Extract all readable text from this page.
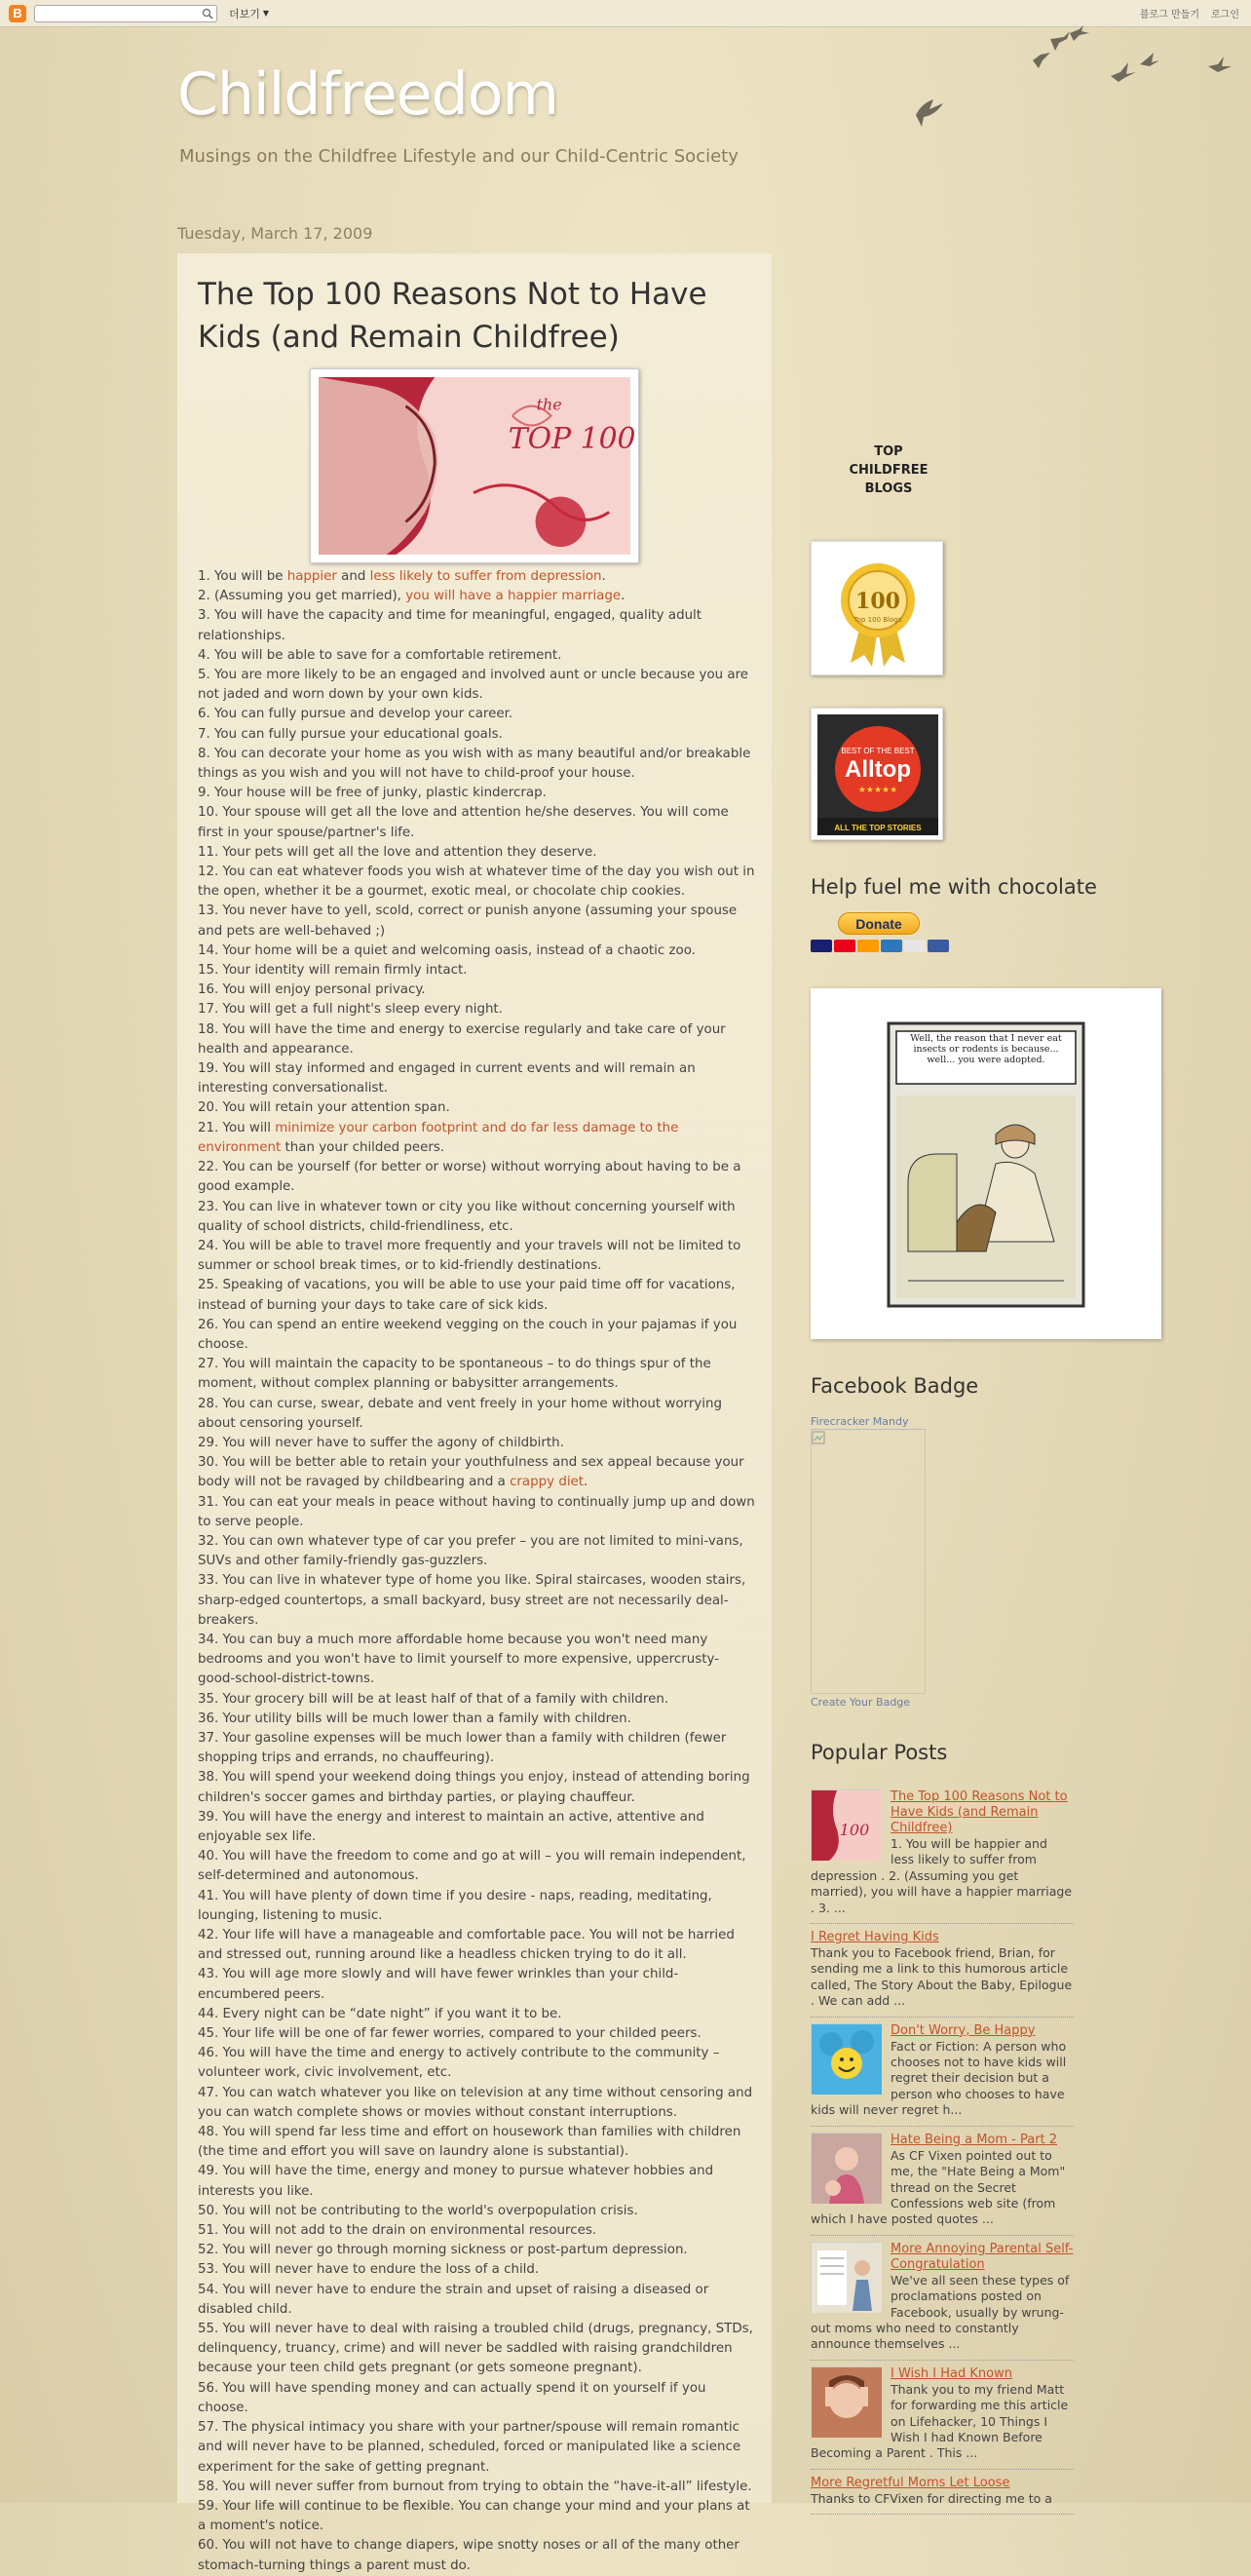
B	더보기 ▼	블로그 만들기 로그인
Childfreedom
Musings on the Childfree Lifestyle and our Child-Centric Society
Tuesday, March 17, 2009
The Top 100 Reasons Not to Have Kids (and Remain Childfree)
the
TOP 100
1. You will be happier and less likely to suffer from depression.
2. (Assuming you get married), you will have a happier marriage.
3. You will have the capacity and time for meaningful, engaged, quality adult relationships.
4. You will be able to save for a comfortable retirement.
5. You are more likely to be an engaged and involved aunt or uncle because you are not jaded and worn down by your own kids.
6. You can fully pursue and develop your career.
7. You can fully pursue your educational goals.
8. You can decorate your home as you wish with as many beautiful and/or breakable things as you wish and you will not have to child-proof your house.
9. Your house will be free of junky, plastic kindercrap.
10. Your spouse will get all the love and attention he/she deserves. You will come first in your spouse/partner's life.
11. Your pets will get all the love and attention they deserve.
12. You can eat whatever foods you wish at whatever time of the day you wish out in the open, whether it be a gourmet, exotic meal, or chocolate chip cookies.
13. You never have to yell, scold, correct or punish anyone (assuming your spouse and pets are well-behaved ;)
14. Your home will be a quiet and welcoming oasis, instead of a chaotic zoo.
15. Your identity will remain firmly intact.
16. You will enjoy personal privacy.
17. You will get a full night's sleep every night.
18. You will have the time and energy to exercise regularly and take care of your health and appearance.
19. You will stay informed and engaged in current events and will remain an interesting conversationalist.
20. You will retain your attention span.
21. You will minimize your carbon footprint and do far less damage to the environment than your childed peers.
22. You can be yourself (for better or worse) without worrying about having to be a good example.
23. You can live in whatever town or city you like without concerning yourself with quality of school districts, child-friendliness, etc.
24. You will be able to travel more frequently and your travels will not be limited to summer or school break times, or to kid-friendly destinations.
25. Speaking of vacations, you will be able to use your paid time off for vacations, instead of burning your days to take care of sick kids.
26. You can spend an entire weekend vegging on the couch in your pajamas if you choose.
27. You will maintain the capacity to be spontaneous – to do things spur of the moment, without complex planning or babysitter arrangements.
28. You can curse, swear, debate and vent freely in your home without worrying about censoring yourself.
29. You will never have to suffer the agony of childbirth.
30. You will be better able to retain your youthfulness and sex appeal because your body will not be ravaged by childbearing and a crappy diet.
31. You can eat your meals in peace without having to continually jump up and down to serve people.
32. You can own whatever type of car you prefer – you are not limited to mini-vans, SUVs and other family-friendly gas-guzzlers.
33. You can live in whatever type of home you like. Spiral staircases, wooden stairs, sharp-edged countertops, a small backyard, busy street are not necessarily deal-breakers.
34. You can buy a much more affordable home because you won't need many bedrooms and you won't have to limit yourself to more expensive, uppercrusty-good-school-district-towns.
35. Your grocery bill will be at least half of that of a family with children.
36. Your utility bills will be much lower than a family with children.
37. Your gasoline expenses will be much lower than a family with children (fewer shopping trips and errands, no chauffeuring).
38. You will spend your weekend doing things you enjoy, instead of attending boring children's soccer games and birthday parties, or playing chauffeur.
39. You will have the energy and interest to maintain an active, attentive and enjoyable sex life.
40. You will have the freedom to come and go at will – you will remain independent, self-determined and autonomous.
41. You will have plenty of down time if you desire - naps, reading, meditating, lounging, listening to music.
42. Your life will have a manageable and comfortable pace. You will not be harried and stressed out, running around like a headless chicken trying to do it all.
43. You will age more slowly and will have fewer wrinkles than your child-encumbered peers.
44. Every night can be “date night” if you want it to be.
45. Your life will be one of far fewer worries, compared to your childed peers.
46. You will have the time and energy to actively contribute to the community – volunteer work, civic involvement, etc.
47. You can watch whatever you like on television at any time without censoring and you can watch complete shows or movies without constant interruptions.
48. You will spend far less time and effort on housework than families with children (the time and effort you will save on laundry alone is substantial).
49. You will have the time, energy and money to pursue whatever hobbies and interests you like.
50. You will not be contributing to the world's overpopulation crisis.
51. You will not add to the drain on environmental resources.
52. You will never go through morning sickness or post-partum depression.
53. You will never have to endure the loss of a child.
54. You will never have to endure the strain and upset of raising a diseased or disabled child.
55. You will never have to deal with raising a troubled child (drugs, pregnancy, STDs, delinquency, truancy, crime) and will never be saddled with raising grandchildren because your teen child gets pregnant (or gets someone pregnant).
56. You will have spending money and can actually spend it on yourself if you choose.
57. The physical intimacy you share with your partner/spouse will remain romantic and will never have to be planned, scheduled, forced or manipulated like a science experiment for the sake of getting pregnant.
58. You will never suffer from burnout from trying to obtain the “have-it-all” lifestyle.
59. Your life will continue to be flexible. You can change your mind and your plans at a moment's notice.
60. You will not have to change diapers, wipe snotty noses or all of the many other stomach-turning things a parent must do.
TOP CHILDFREE BLOGS
100
Top 100 Blogs
BEST OF THE BEST
Alltop
★★★★★
ALL THE TOP STORIES
Help fuel me with chocolate
Donate
Well, the reason that I never eat insects or rodents is because... well... you were adopted.
Facebook Badge
Firecracker Mandy
Create Your Badge
Popular Posts
100
The Top 100 Reasons Not to Have Kids (and Remain Childfree)
1. You will be happier and less likely to suffer from depression . 2. (Assuming you get married), you will have a happier marriage . 3. ...
I Regret Having Kids
Thank you to Facebook friend, Brian, for sending me a link to this humorous article called, The Story About the Baby, Epilogue . We can add ...
Don't Worry, Be Happy
Fact or Fiction: A person who chooses not to have kids will regret their decision but a person who chooses to have kids will never regret h...
Hate Being a Mom - Part 2
As CF Vixen pointed out to me, the "Hate Being a Mom" thread on the Secret Confessions web site (from which I have posted quotes ...
More Annoying Parental Self-Congratulation
We've all seen these types of proclamations posted on Facebook, usually by wrung-out moms who need to constantly announce themselves ...
I Wish I Had Known
Thank you to my friend Matt for forwarding me this article on Lifehacker, 10 Things I Wish I had Known Before Becoming a Parent . This ...
More Regretful Moms Let Loose
Thanks to CFVixen for directing me to a
